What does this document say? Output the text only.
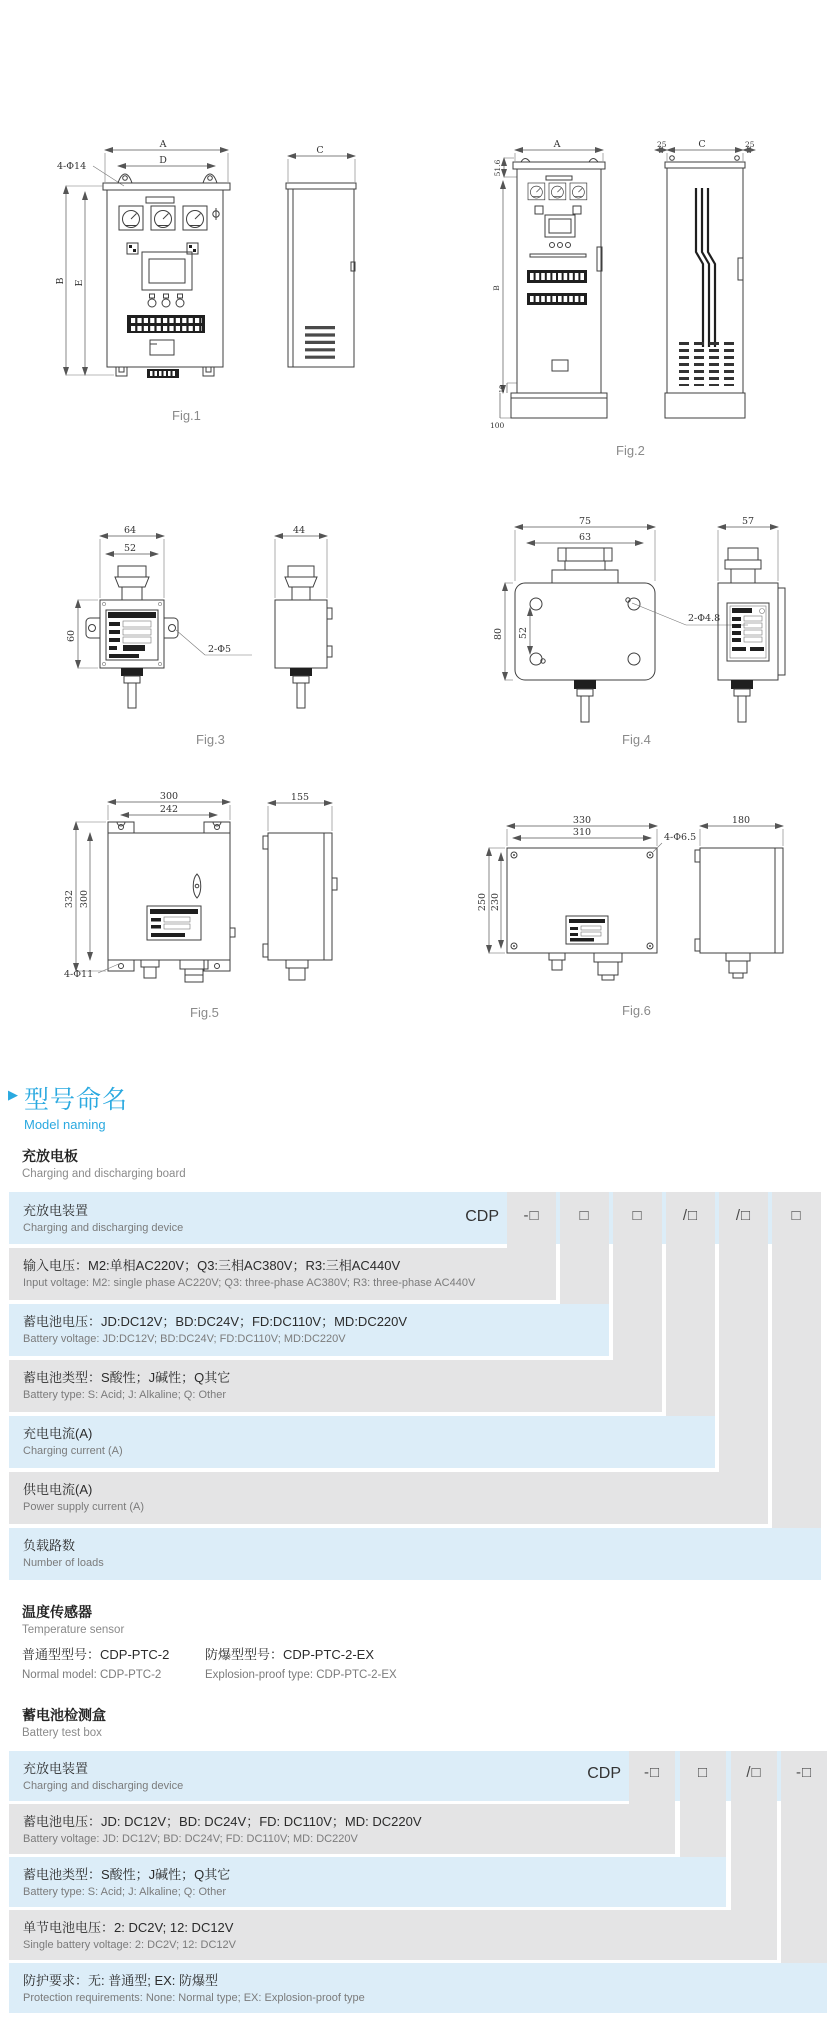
A
D
4-Φ14
B E
C
Fig.1
A
51.6
B
10
100
25	C	25
Fig.2
64
52
60
2-Φ5
44
Fig.3
75
63
52
80
2-Φ4.8
57
Fig.4
300
242
332 300
4-Φ11
155
Fig.5
330
310
250 230
4-Φ6.5
180
Fig.6
▶ 型号命名
Model naming
充放电板
Charging and discharging board
充放电装置
Charging and discharging device
CDP	-□	□	□	/□	/□	□
输入电压：M2:单相AC220V；Q3:三相AC380V；R3:三相AC440V
Input voltage: M2: single phase AC220V; Q3: three-phase AC380V; R3: three-phase AC440V
蓄电池电压：JD:DC12V；BD:DC24V；FD:DC110V；MD:DC220V
Battery voltage: JD:DC12V; BD:DC24V; FD:DC110V; MD:DC220V
蓄电池类型：S酸性；J碱性；Q其它
Battery type: S: Acid; J: Alkaline; Q: Other
充电电流(A)
Charging current (A)
供电电流(A)
Power supply current (A)
负载路数
Number of loads
温度传感器
Temperature sensor
普通型型号：CDP-PTC-2	防爆型型号：CDP-PTC-2-EX
Normal model: CDP-PTC-2	Explosion-proof type: CDP-PTC-2-EX
蓄电池检测盒
Battery test box
充放电装置
Charging and discharging device
CDP	-□	□	/□	-□
蓄电池电压：JD: DC12V；BD: DC24V；FD: DC110V；MD: DC220V
Battery voltage: JD: DC12V; BD: DC24V; FD: DC110V; MD: DC220V
蓄电池类型：S酸性；J碱性；Q其它
Battery type: S: Acid; J: Alkaline; Q: Other
单节电池电压：2: DC2V; 12: DC12V
Single battery voltage: 2: DC2V; 12: DC12V
防护要求：无: 普通型; EX: 防爆型
Protection requirements: None: Normal type; EX: Explosion-proof type
